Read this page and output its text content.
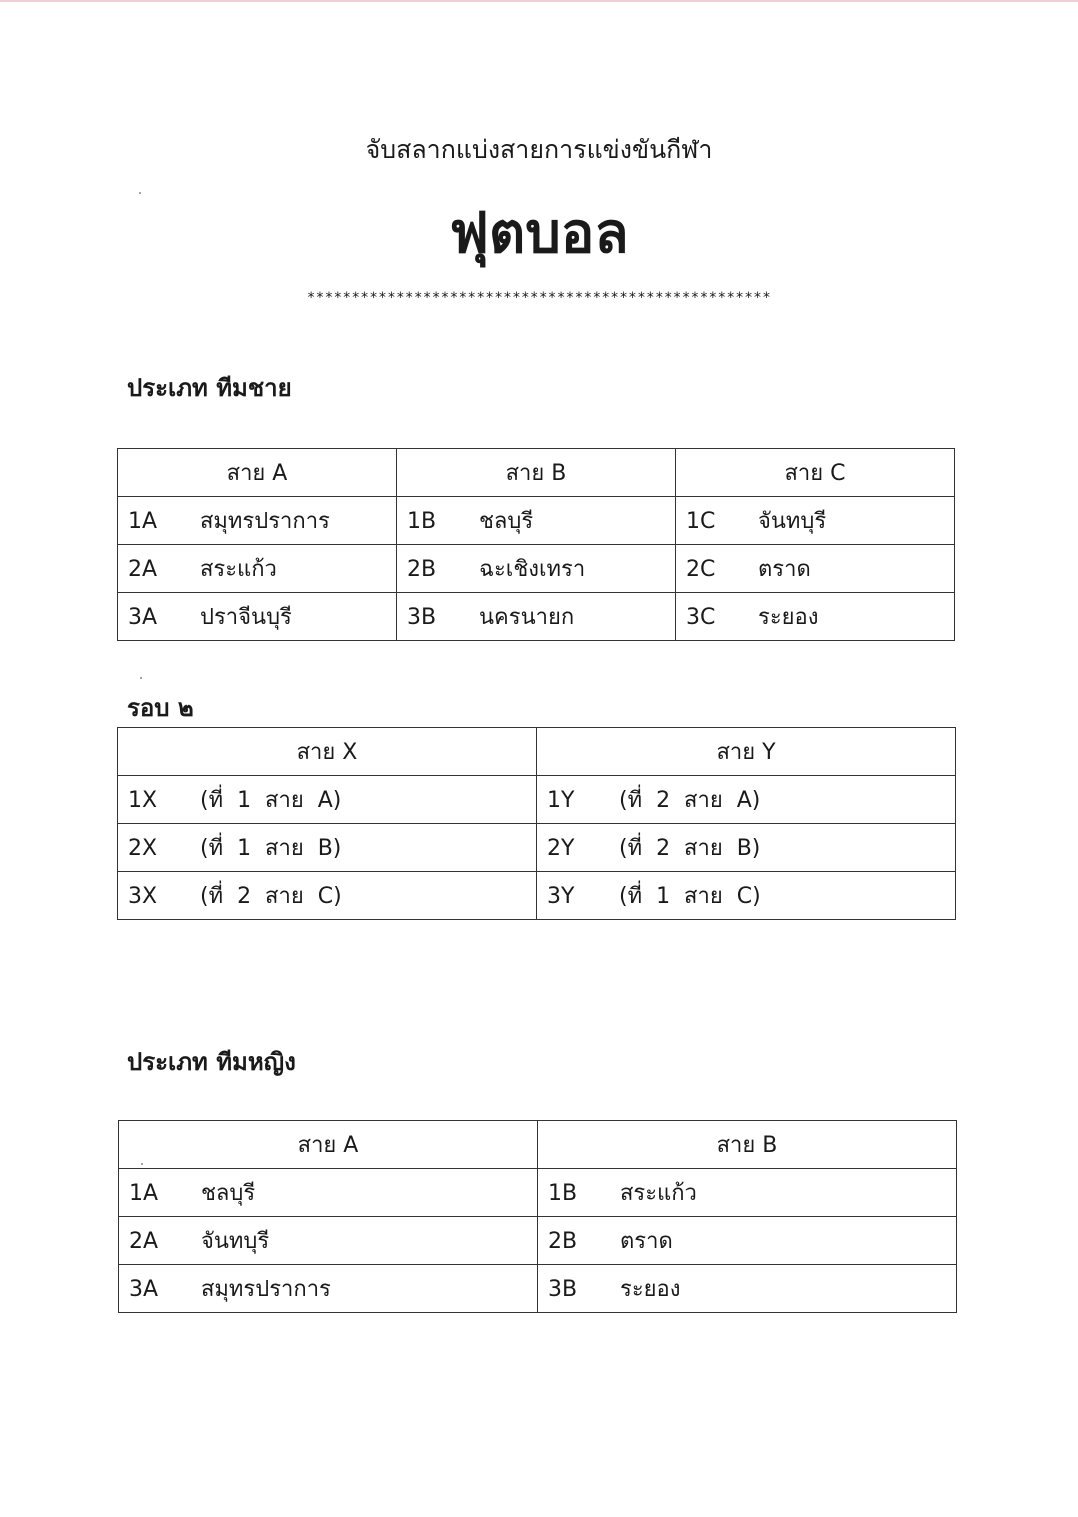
จับสลากแบ่งสายการแข่งขันกีฬา
ฟุตบอล
****************************************************
ประเภท ทีมชาย
สาย A	สาย B	สาย C
1A สมุทรปราการ	1B ชลบุรี	1C จันทบุรี
2A สระแก้ว	2B ฉะเชิงเทรา	2C ตราด
3A ปราจีนบุรี	3B นครนายก	3C ระยอง
รอบ ๒
สาย X	สาย Y
1X (ที่  1  สาย  A)	1Y (ที่  2  สาย  A)
2X (ที่  1  สาย  B)	2Y (ที่  2  สาย  B)
3X (ที่  2  สาย  C)	3Y (ที่  1  สาย  C)
ประเภท ทีมหญิง
สาย A	สาย B
1A ชลบุรี	1B สระแก้ว
2A จันทบุรี	2B ตราด
3A สมุทรปราการ	3B ระยอง
